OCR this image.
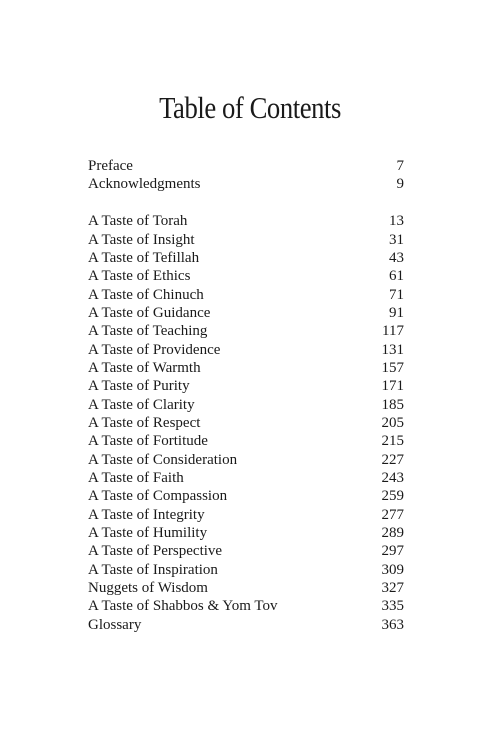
Table of Contents
Preface	7
Acknowledgments	9
A Taste of Torah	13
A Taste of Insight	31
A Taste of Tefillah	43
A Taste of Ethics	61
A Taste of Chinuch	71
A Taste of Guidance	91
A Taste of Teaching	117
A Taste of Providence	131
A Taste of Warmth	157
A Taste of Purity	171
A Taste of Clarity	185
A Taste of Respect	205
A Taste of Fortitude	215
A Taste of Consideration	227
A Taste of Faith	243
A Taste of Compassion	259
A Taste of Integrity	277
A Taste of Humility	289
A Taste of Perspective	297
A Taste of Inspiration	309
Nuggets of Wisdom	327
A Taste of Shabbos & Yom Tov	335
Glossary	363
